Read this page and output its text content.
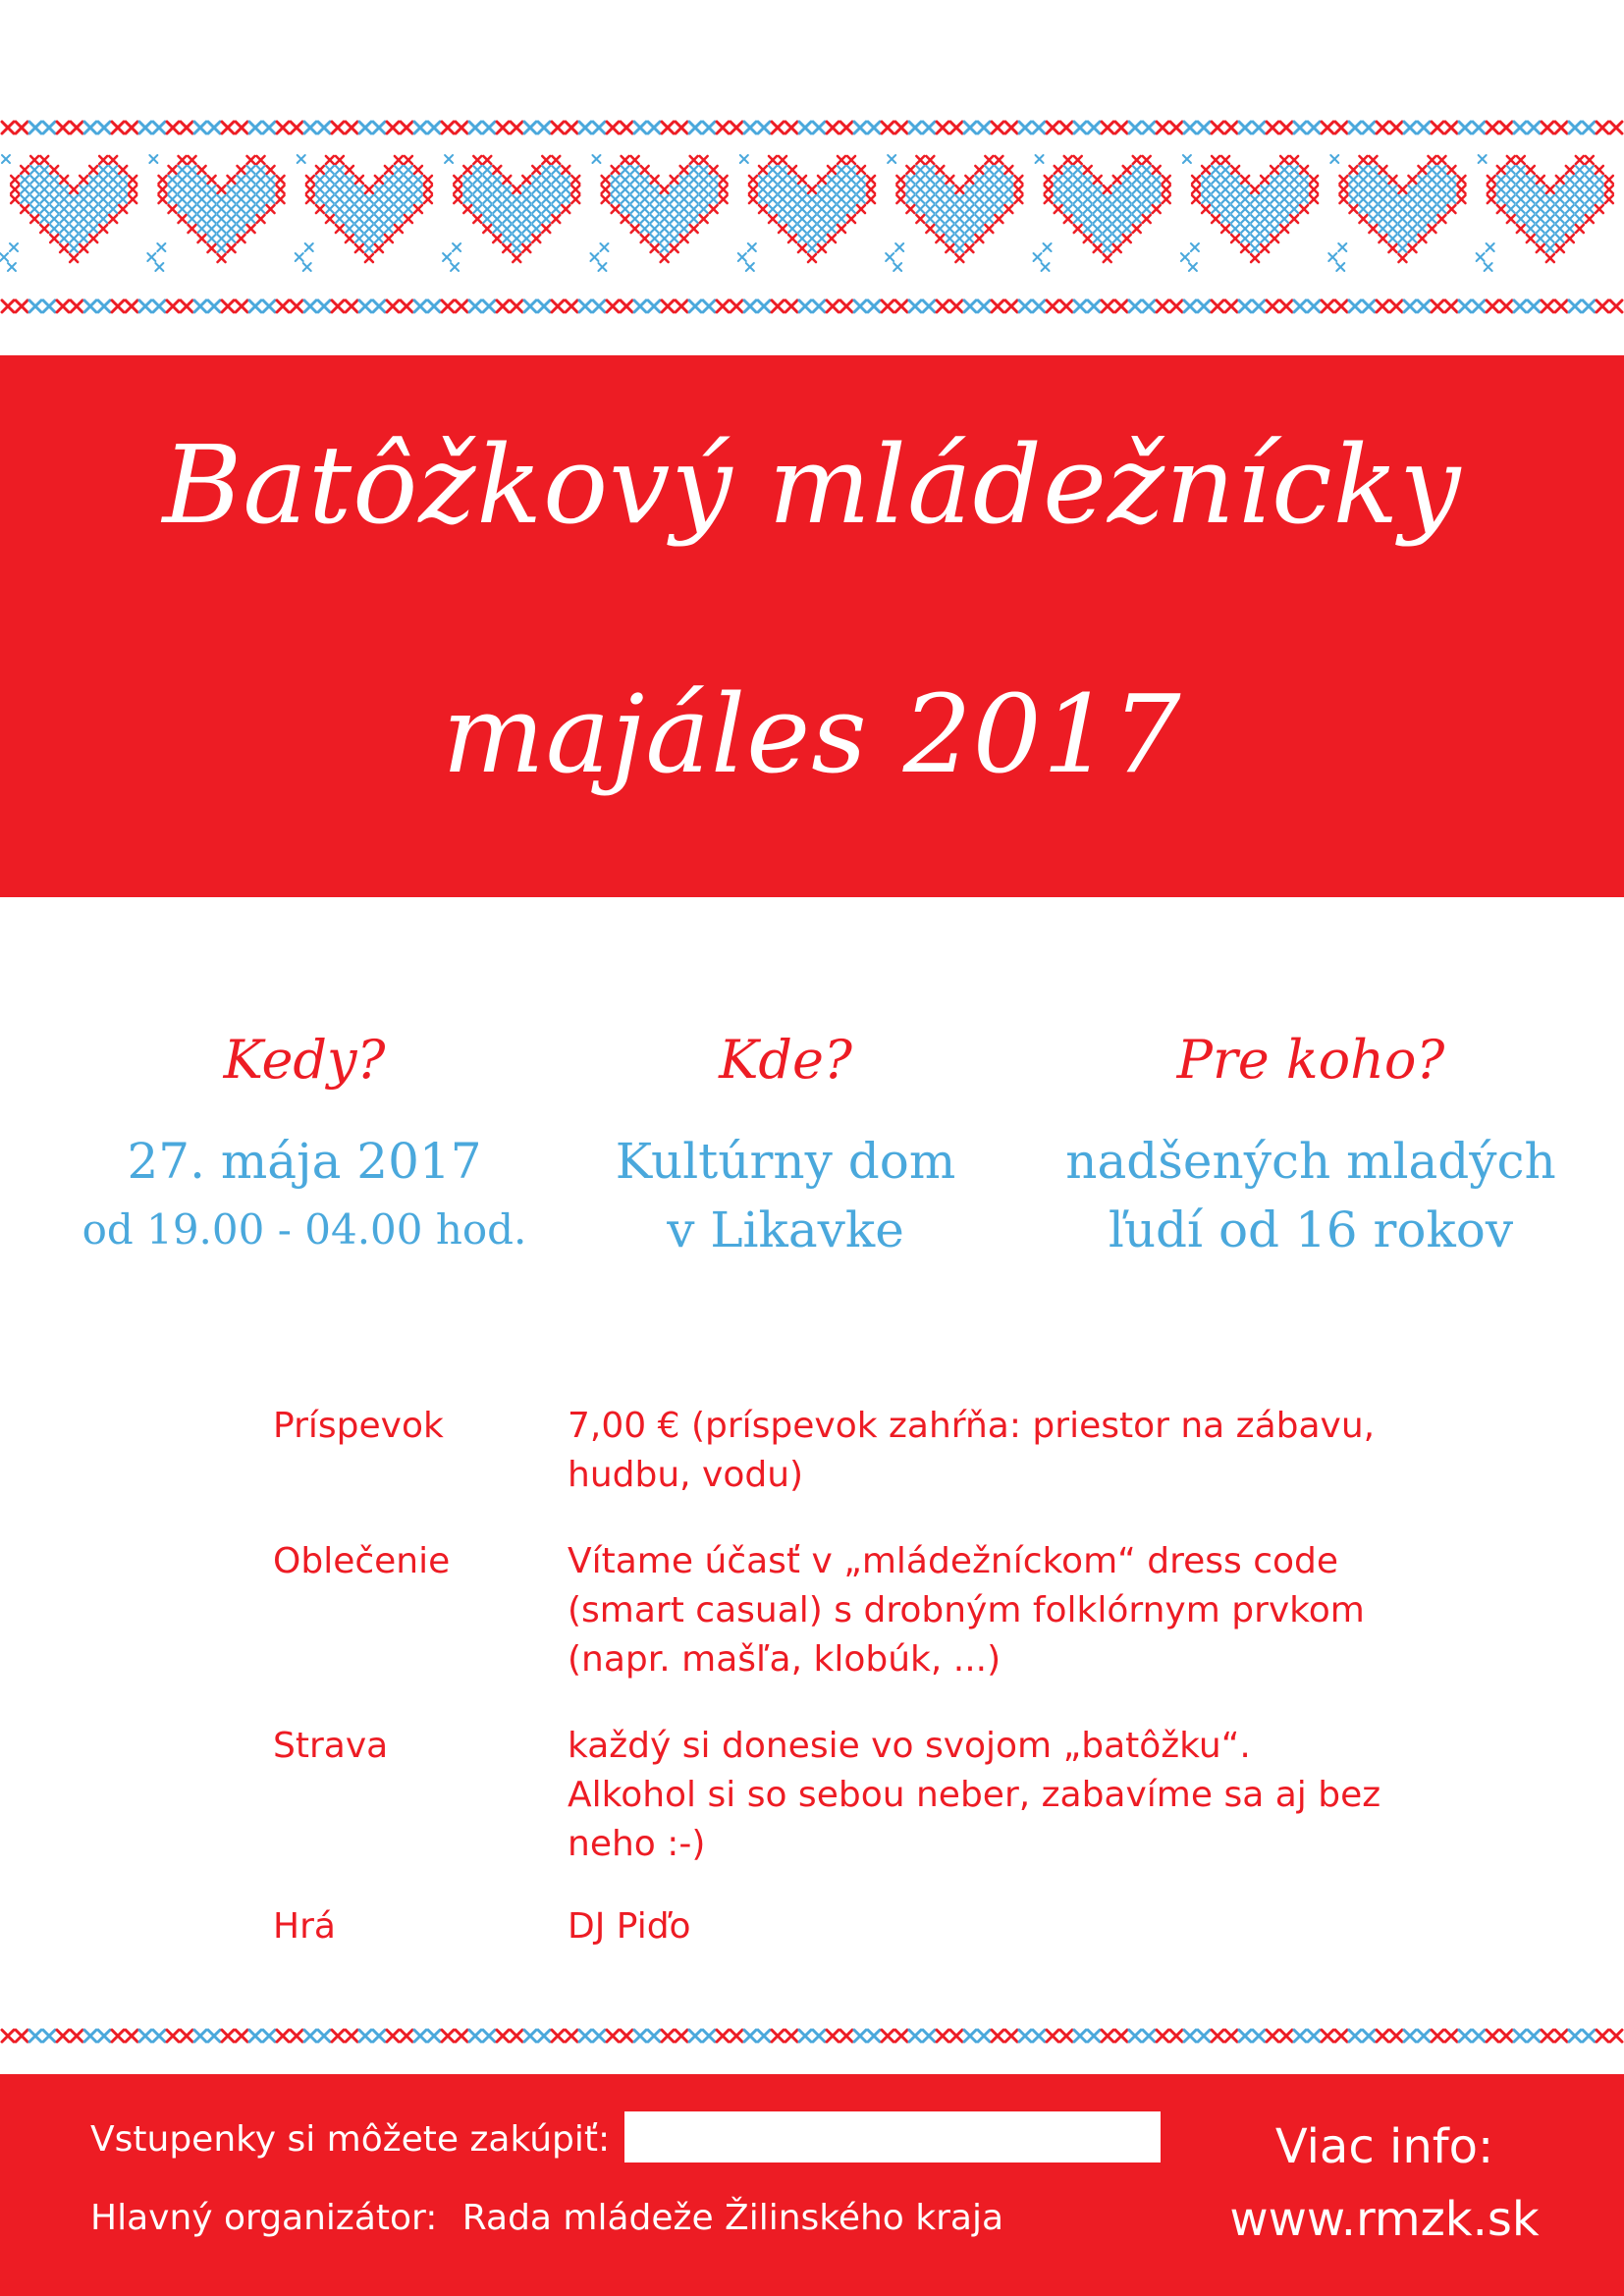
Batôžkový mládežnícky
majáles 2017
Kedy?
27. mája 2017
od 19.00 - 04.00 hod.
Kde?
Kultúrny dom
v Likavke
Pre koho?
nadšených mladých
ľudí od 16 rokov
Príspevok	7,00 € (príspevok zahŕňa: priestor na zábavu,
hudbu, vodu)
Oblečenie	Vítame účasť v „mládežníckom“ dress code
(smart casual) s drobným folklórnym prvkom
(napr. mašľa, klobúk, ...)
Strava	každý si donesie vo svojom „batôžku“.
Alkohol si so sebou neber, zabavíme sa aj bez
neho :-)
Hrá	DJ Piďo
Vstupenky si môžete zakúpiť:
Hlavný organizátor: Rada mládeže Žilinského kraja
Viac info:
www.rmzk.sk
